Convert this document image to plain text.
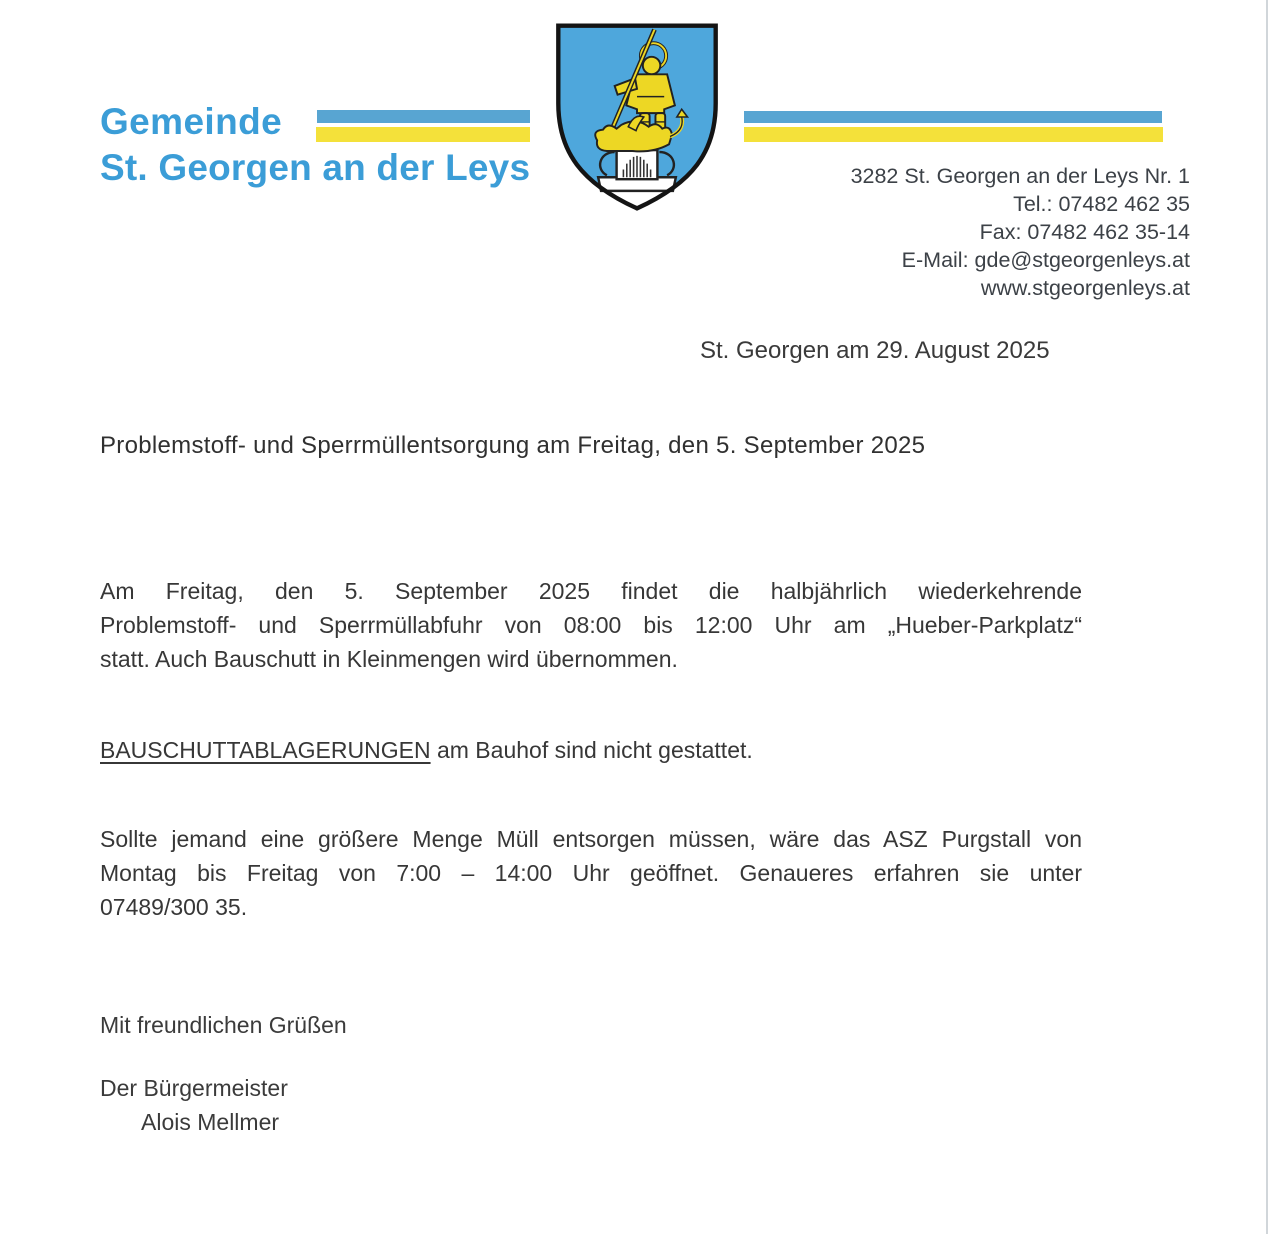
Gemeinde
St. Georgen an der Leys	3282 St. Georgen an der Leys Nr. 1
Tel.: 07482 462 35
Fax: 07482 462 35-14
E-Mail: gde@stgeorgenleys.at
www.stgeorgenleys.at
St. Georgen am 29. August 2025
Problemstoff- und Sperrmüllentsorgung am Freitag, den 5. September 2025
Am Freitag, den 5. September 2025 findet die halbjährlich wiederkehrende
Problemstoff- und Sperrmüllabfuhr von 08:00 bis 12:00 Uhr am „Hueber-Parkplatz“
statt. Auch Bauschutt in Kleinmengen wird übernommen.
BAUSCHUTTABLAGERUNGEN am Bauhof sind nicht gestattet.
Sollte jemand eine größere Menge Müll entsorgen müssen, wäre das ASZ Purgstall von
Montag bis Freitag von 7:00 – 14:00 Uhr geöffnet. Genaueres erfahren sie unter
07489/300 35.
Mit freundlichen Grüßen
Der Bürgermeister
Alois Mellmer
